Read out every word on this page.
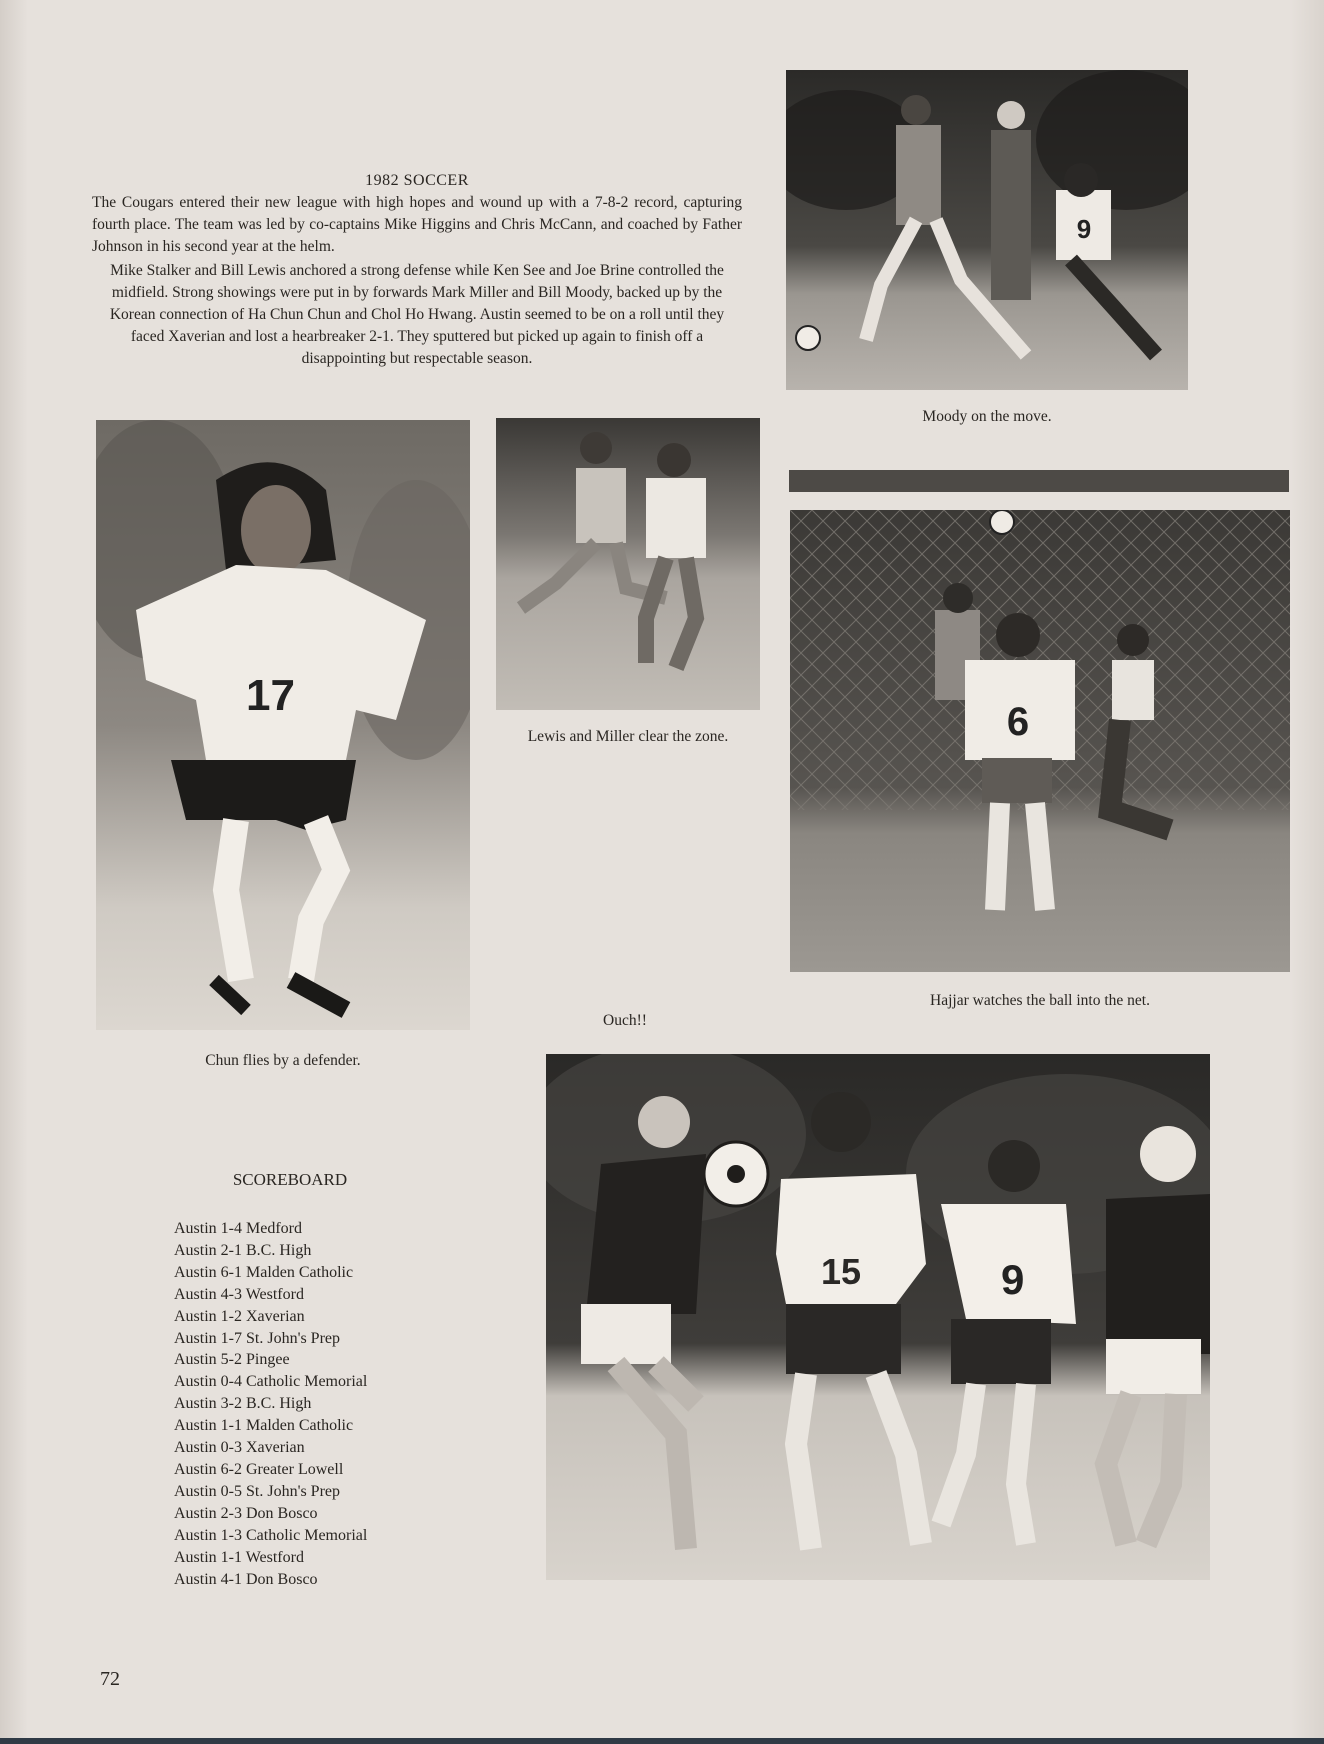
1982 SOCCER

The Cougars entered their new league with high hopes and wound up with a 7-8-2 record, capturing fourth place. The team was led by co-captains Mike Higgins and Chris McCann, and coached by Father Johnson in his second year at the helm.

Mike Stalker and Bill Lewis anchored a strong defense while Ken See and Joe Brine controlled the midfield. Strong showings were put in by forwards Mark Miller and Bill Moody, backed up by the Korean connection of Ha Chun Chun and Chol Ho Hwang. Austin seemed to be on a roll until they faced Xaverian and lost a hearbreaker 2-1. They sputtered but picked up again to finish off a disappointing but respectable season.

9
Moody on the move.
Lewis and Miller clear the zone.
17
Chun flies by a defender.
6
Hajjar watches the ball into the net.
Ouch!!
15	9
SCOREBOARD
Austin 1-4 Medford
Austin 2-1 B.C. High
Austin 6-1 Malden Catholic
Austin 4-3 Westford
Austin 1-2 Xaverian
Austin 1-7 St. John's Prep
Austin 5-2 Pingee
Austin 0-4 Catholic Memorial
Austin 3-2 B.C. High
Austin 1-1 Malden Catholic
Austin 0-3 Xaverian
Austin 6-2 Greater Lowell
Austin 0-5 St. John's Prep
Austin 2-3 Don Bosco
Austin 1-3 Catholic Memorial
Austin 1-1 Westford
Austin 4-1 Don Bosco
72
